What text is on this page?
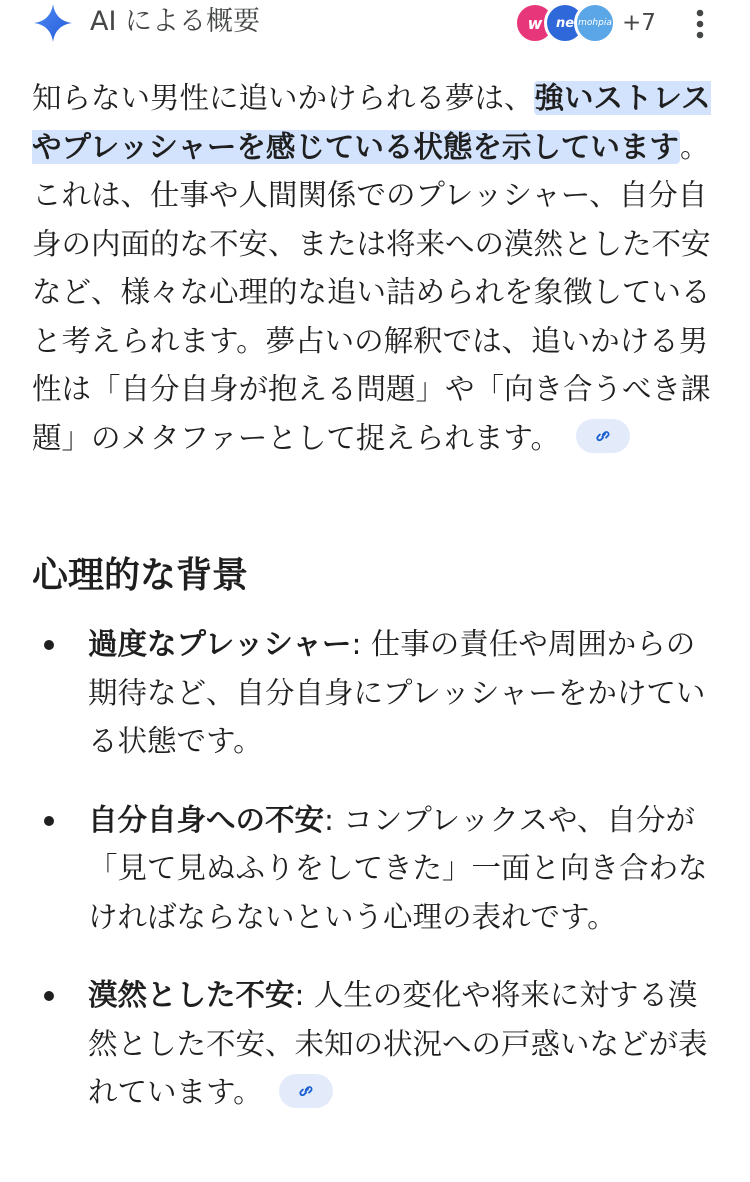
AI による概要	w	ne mohpia +7

知らない男性に追いかけられる夢は、強いストレスやプレッシャーを感じている状態を示しています。これは、仕事や人間関係でのプレッシャー、自分自身の内面的な不安、または将来への漠然とした不安など、様々な心理的な追い詰められを象徴していると考えられます。夢占いの解釈では、追いかける男性は「自分自身が抱える問題」や「向き合うべき課題」のメタファーとして捉えられます。

心理的な背景
過度なプレッシャー: 仕事の責任や周囲からの期待など、自分自身にプレッシャーをかけている状態です。
自分自身への不安: コンプレックスや、自分が「見て見ぬふりをしてきた」一面と向き合わなければならないという心理の表れです。
漠然とした不安: 人生の変化や将来に対する漠然とした不安、未知の状況への戸惑いなどが表れています。
